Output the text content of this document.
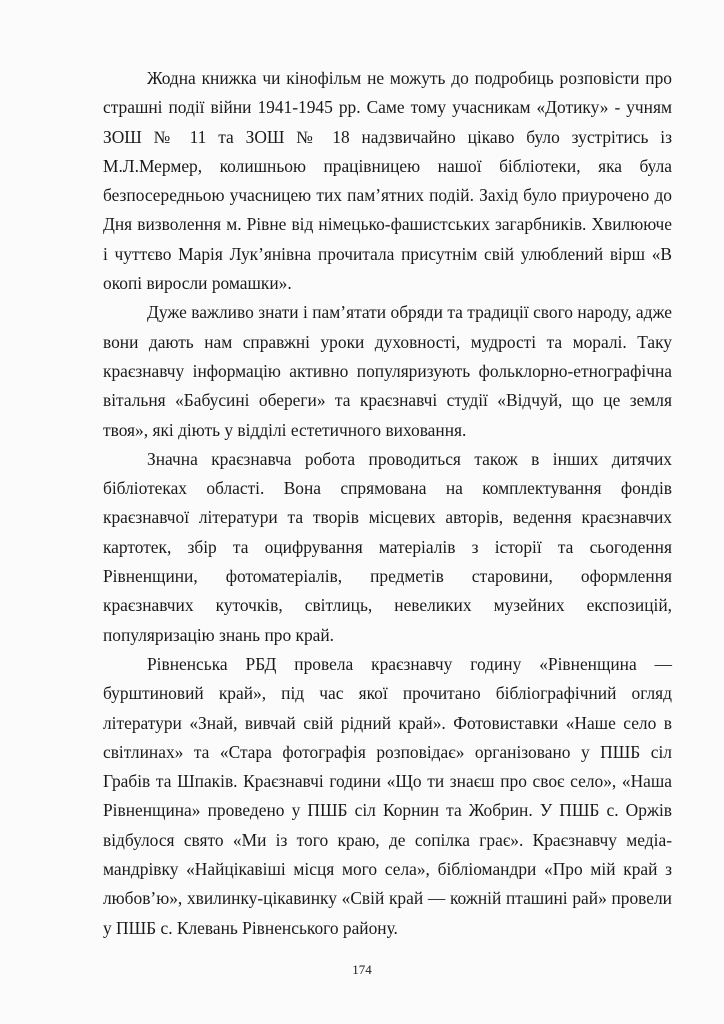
Жодна книжка чи кінофільм не можуть до подробиць розповісти про страшні події війни 1941-1945 рр. Саме тому учасникам «Дотику» - учням ЗОШ № 11 та ЗОШ № 18 надзвичайно цікаво було зустрітись із М.Л.Мермер, колишньою працівницею нашої бібліотеки, яка була безпосередньою учасницею тих пам’ятних подій. Захід було приурочено до Дня визволення м. Рівне від німецько-фашистських загарбників. Хвилююче і чуттєво Марія Лук’янівна прочитала присутнім свій улюблений вірш «В окопі виросли ромашки».

Дуже важливо знати і пам’ятати обряди та традиції свого народу, адже вони дають нам справжні уроки духовності, мудрості та моралі. Таку краєзнавчу інформацію активно популяризують фольклорно-етнографічна вітальня «Бабусині обереги» та краєзнавчі студії «Відчуй, що це земля твоя», які діють у відділі естетичного виховання.

Значна краєзнавча робота проводиться також в інших дитячих бібліотеках області. Вона спрямована на комплектування фондів краєзнавчої літератури та творів місцевих авторів, ведення краєзнавчих картотек, збір та оцифрування матеріалів з історії та сьогодення Рівненщини, фотоматеріалів, предметів старовини, оформлення краєзнавчих куточків, світлиць, невеликих музейних експозицій, популяризацію знань про край.

Рівненська РБД провела краєзнавчу годину «Рівненщина — бурштиновий край», під час якої прочитано бібліографічний огляд літератури «Знай, вивчай свій рідний край». Фотовиставки «Наше село в світлинах» та «Стара фотографія розповідає» організовано у ПШБ сіл Грабів та Шпаків. Краєзнавчі години «Що ти знаєш про своє село», «Наша Рівненщина» проведено у ПШБ сіл Корнин та Жобрин. У ПШБ с. Оржів відбулося свято «Ми із того краю, де сопілка грає». Краєзнавчу медіа-мандрівку «Найцікавіші місця мого села», бібліомандри «Про мій край з любов’ю», хвилинку-цікавинку «Свій край — кожній пташині рай» провели у ПШБ с. Клевань Рівненського району.

174
